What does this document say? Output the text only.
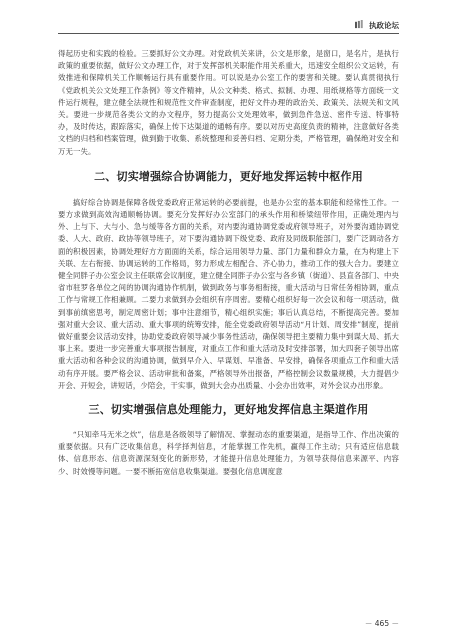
执政论坛

得起历史和实践的检验。三要抓好公文办理。对党政机关来讲，公文是形象，是窗口，是名片，是执行政策的重要依据，做好公文办理工作，对于发挥部机关职能作用关系重大，迅速安全组织公文运转，有效推进和保障机关工作顺畅运行具有重要作用。可以说是办公室工作的要害和关键。要认真贯彻执行《党政机关公文处理工作条例》等文件精神，从公文种类、格式、拟制、办理、用纸规格等方面统一文件运行规程，建立健全法规性和规范性文件审查制度，把好文件办理的政治关、政策关、法规关和文风关。要进一步规范各类公文的办文程序，努力提高公文处理效率，做到急件急送、密件专送、特事特办，及时传达，跟踪落实，确保上传下达渠道的通畅有序。要以对历史高度负责的精神，注意做好各类文档的归档和档案管理，做到勤于收集、系统整理和妥善归档、定期分类，严格管理，确保绝对安全和万无一失。

二、切实增强综合协调能力，更好地发挥运转中枢作用

搞好综合协调是保障各级党委政府正常运转的必要前提，也是办公室的基本职能和经常性工作。一要方求做到高效沟通顺畅协调。要充分发挥好办公室部门的承头作用和桥梁纽带作用，正确处理内与外、上与下、大与小、急与缓等各方面的关系，对内要沟通协调党委或府领导班子，对外要沟通协调党委、人大、政府、政协等领导班子，对下要沟通协调下级党委、政府及同级职能部门，要广泛调动各方面的积极因素，协调处理好方方面面的关系，综合运用领导力量、部门力量和群众力量，在为构建上下关联、左右衔接、协调运转的工作格局，努力形成左相配合、齐心协力，推动工作的强大合力。要建立健全同胖子办公室会议主任联席会议制度，建立健全同胖子办公室与各乡镇（街道）、县直各部门、中央省市驻罗各单位之间的协调沟通协作机制，做到政务与事务相衔接，重大活动与日常任务相协调，重点工作与常规工作相兼顾。二要力求做到办会组织有序周密。要精心组织好每一次会议和每一项活动，做到事前缜密思考，制定周密计划；事中注意细节，精心组织实施；事后认真总结，不断提高完善。要加强对重大会议、重大活动、重大事项的统筹安排，能全党委政府领导活动“月计划、周安排”制度，提前做好重要会议活动安排，协助党委政府领导减少事务性活动，确保领导把主要精力集中到谋大局、抓大事上来。要进一步完善重大事项报告制度，对重点工作和重大活动及时安排部署，加大四套子领导出席重大活动和各种会议的沟通协调，做到早介入、早谋划、早准备、早安排，确保各项重点工作和重大活动有序开展。要严格会议、活动审批和备案，严格领导外出报备，严格控制会议数量规模，大力提倡少开会、开短会，讲短话，少陪会，干实事，做到大会办出质量、小会办出效率，对外会议办出形象。

三、切实增强信息处理能力，更好地发挥信息主渠道作用

“只知牵马无米之炊”，信息是各级领导了解情况、掌握动态的重要渠道，是指导工作、作出决策的重要依据。只有广泛收集信息，科学择判信息，才能掌握工作先机，赢得工作主动；只有适应信息载体、信息形态、信息资源深刻变化的新形势，才能提升信息处理能力，为领导获得信息来源平、内容少、时效慢等问题。一要不断拓宽信息收集渠道。要强化信息调度意

－ 465 －
